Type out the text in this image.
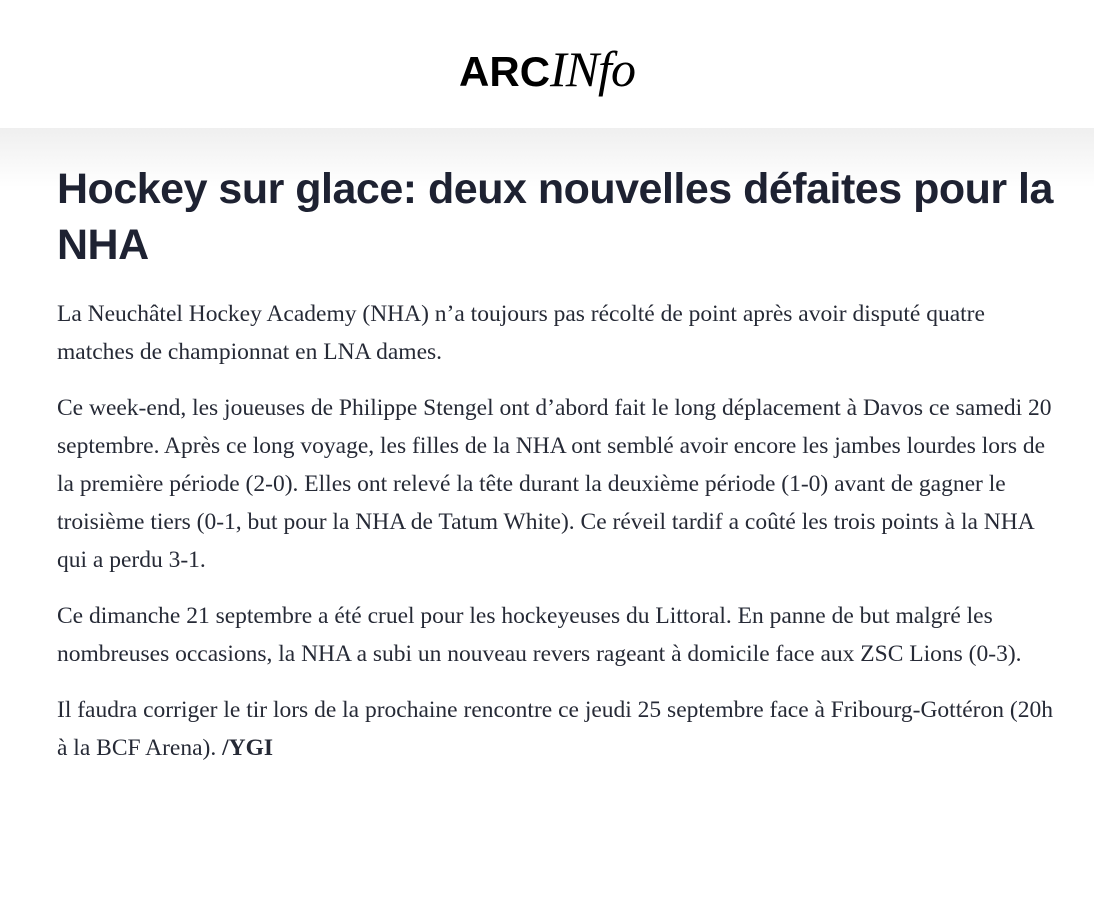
ARC INfo
Hockey sur glace: deux nouvelles défaites pour la NHA

La Neuchâtel Hockey Academy (NHA) n’a toujours pas récolté de point après avoir disputé quatre matches de championnat en LNA dames.

Ce week-end, les joueuses de Philippe Stengel ont d’abord fait le long déplacement à Davos ce samedi 20 septembre. Après ce long voyage, les filles de la NHA ont semblé avoir encore les jambes lourdes lors de la première période (2-0). Elles ont relevé la tête durant la deuxième période (1-0) avant de gagner le troisième tiers (0-1, but pour la NHA de Tatum White). Ce réveil tardif a coûté les trois points à la NHA qui a perdu 3-1.

Ce dimanche 21 septembre a été cruel pour les hockeyeuses du Littoral. En panne de but malgré les nombreuses occasions, la NHA a subi un nouveau revers rageant à domicile face aux ZSC Lions (0-3).

Il faudra corriger le tir lors de la prochaine rencontre ce jeudi 25 septembre face à Fribourg-Gottéron (20h à la BCF Arena). /YGI
